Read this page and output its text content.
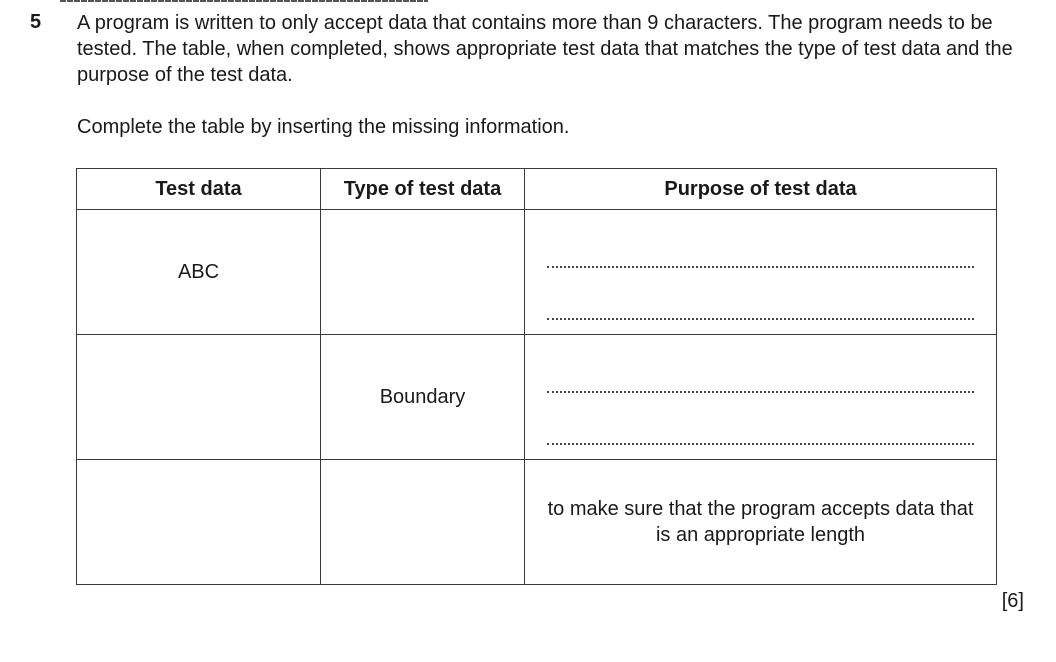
5 A program is written to only accept data that contains more than 9 characters. The program needs to be tested. The table, when completed, shows appropriate test data that matches the type of test data and the purpose of the test data.
Complete the table by inserting the missing information.
Test data	Type of test data	Purpose of test data
ABC		

	Boundary	

		to make sure that the program accepts data that is an appropriate length
[6]
